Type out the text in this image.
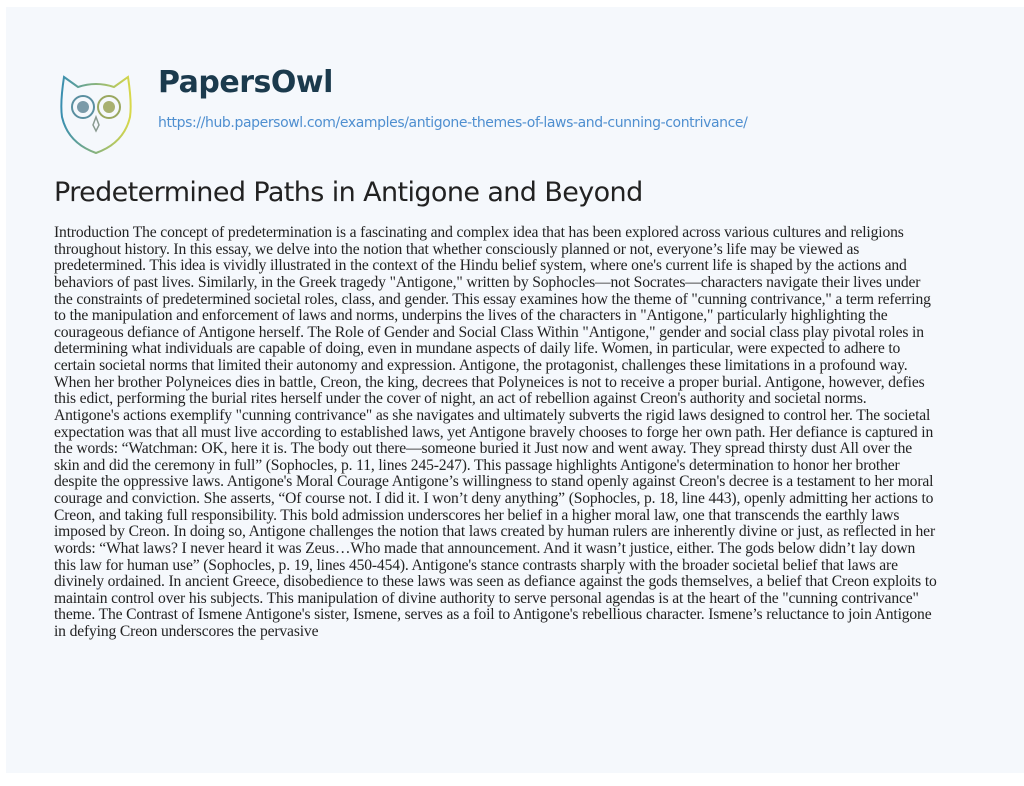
PapersOwl
https://hub.papersowl.com/examples/antigone-themes-of-laws-and-cunning-contrivance/
Predetermined Paths in Antigone and Beyond
Introduction The concept of predetermination is a fascinating and complex idea that has been explored across various cultures and religions
throughout history. In this essay, we delve into the notion that whether consciously planned or not, everyone’s life may be viewed as
predetermined. This idea is vividly illustrated in the context of the Hindu belief system, where one's current life is shaped by the actions and
behaviors of past lives. Similarly, in the Greek tragedy "Antigone," written by Sophocles—not Socrates—characters navigate their lives under
the constraints of predetermined societal roles, class, and gender. This essay examines how the theme of "cunning contrivance," a term referring
to the manipulation and enforcement of laws and norms, underpins the lives of the characters in "Antigone," particularly highlighting the
courageous defiance of Antigone herself. The Role of Gender and Social Class Within "Antigone," gender and social class play pivotal roles in
determining what individuals are capable of doing, even in mundane aspects of daily life. Women, in particular, were expected to adhere to
certain societal norms that limited their autonomy and expression. Antigone, the protagonist, challenges these limitations in a profound way.
When her brother Polyneices dies in battle, Creon, the king, decrees that Polyneices is not to receive a proper burial. Antigone, however, defies
this edict, performing the burial rites herself under the cover of night, an act of rebellion against Creon's authority and societal norms.
Antigone's actions exemplify "cunning contrivance" as she navigates and ultimately subverts the rigid laws designed to control her. The societal
expectation was that all must live according to established laws, yet Antigone bravely chooses to forge her own path. Her defiance is captured in
the words: “Watchman: OK, here it is. The body out there—someone buried it Just now and went away. They spread thirsty dust All over the
skin and did the ceremony in full” (Sophocles, p. 11, lines 245-247). This passage highlights Antigone's determination to honor her brother
despite the oppressive laws. Antigone's Moral Courage Antigone’s willingness to stand openly against Creon's decree is a testament to her moral
courage and conviction. She asserts, “Of course not. I did it. I won’t deny anything” (Sophocles, p. 18, line 443), openly admitting her actions to
Creon, and taking full responsibility. This bold admission underscores her belief in a higher moral law, one that transcends the earthly laws
imposed by Creon. In doing so, Antigone challenges the notion that laws created by human rulers are inherently divine or just, as reflected in her
words: “What laws? I never heard it was Zeus…Who made that announcement. And it wasn’t justice, either. The gods below didn’t lay down
this law for human use” (Sophocles, p. 19, lines 450-454). Antigone's stance contrasts sharply with the broader societal belief that laws are
divinely ordained. In ancient Greece, disobedience to these laws was seen as defiance against the gods themselves, a belief that Creon exploits to
maintain control over his subjects. This manipulation of divine authority to serve personal agendas is at the heart of the "cunning contrivance"
theme. The Contrast of Ismene Antigone's sister, Ismene, serves as a foil to Antigone's rebellious character. Ismene’s reluctance to join Antigone
in defying Creon underscores the pervasive
